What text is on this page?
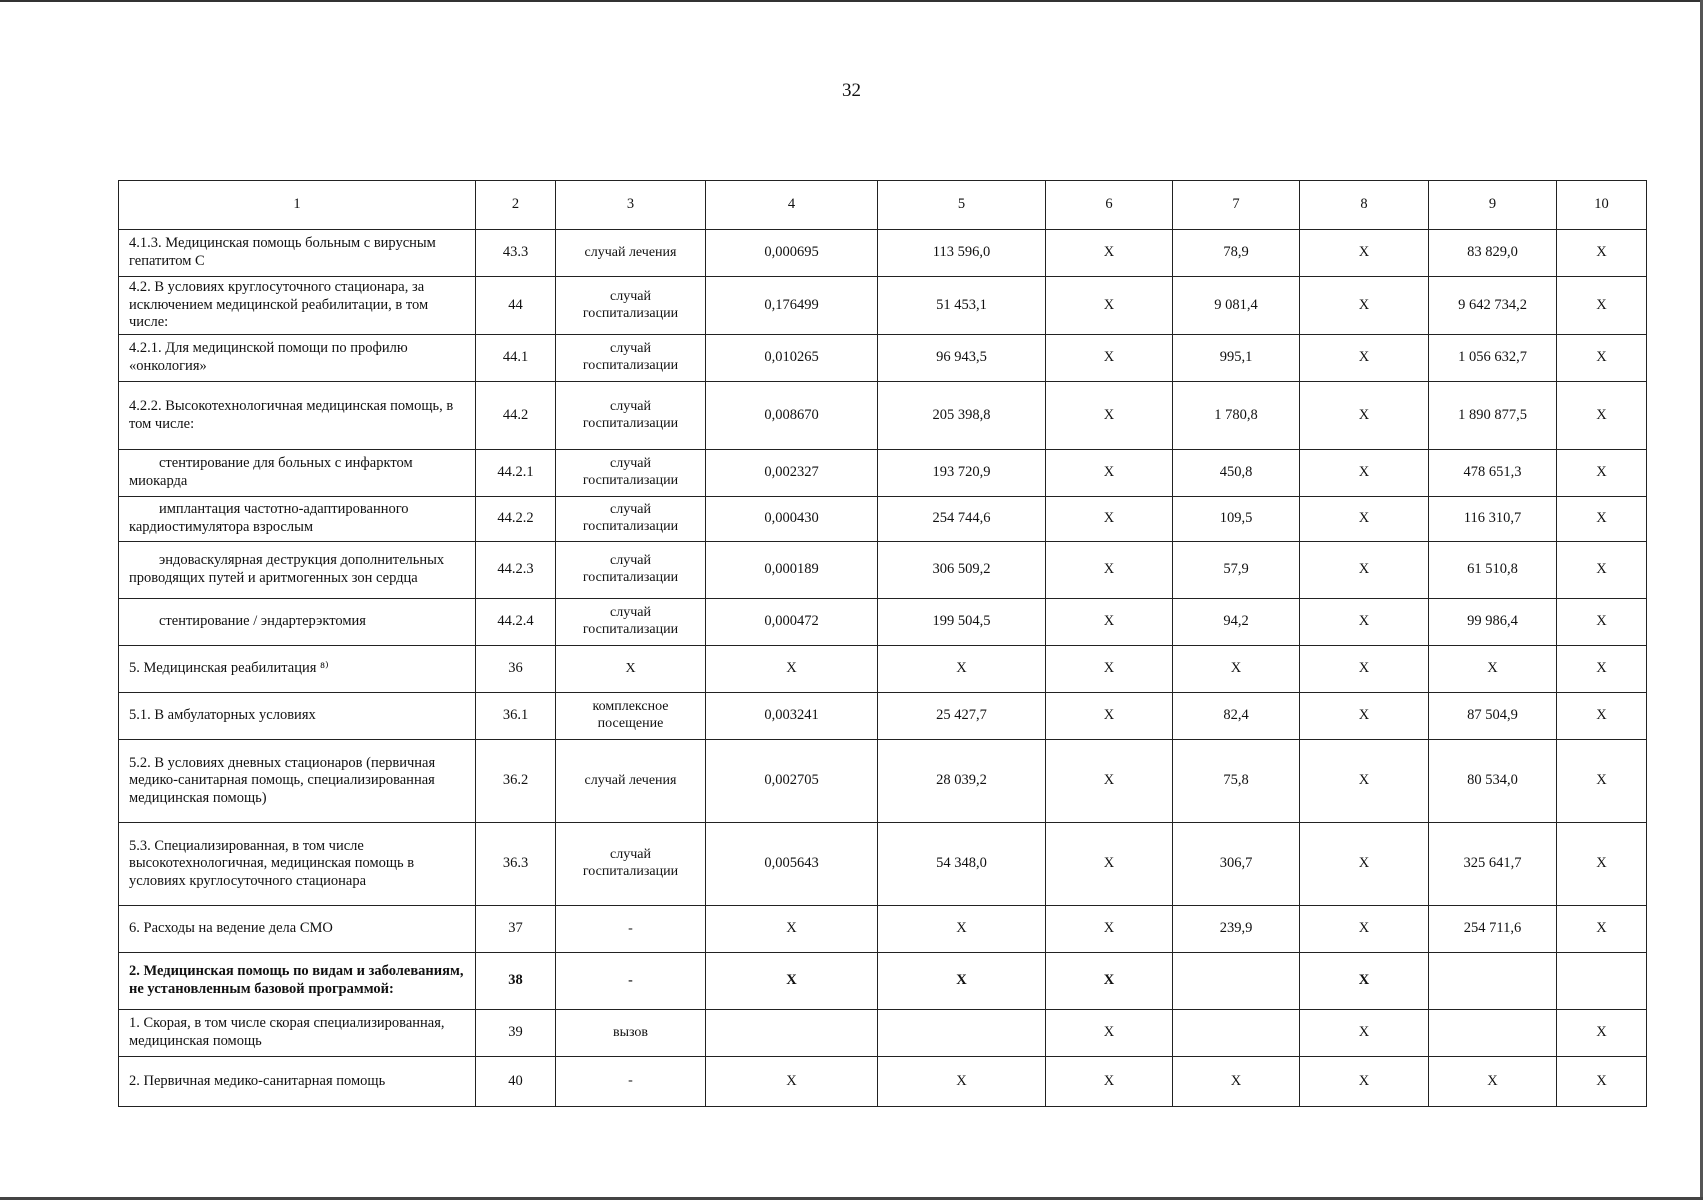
32
1	2	3	4	5	6	7	8	9	10
4.1.3. Медицинская помощь больным с вирусным гепатитом С	43.3	случай лечения	0,000695	113 596,0	X	78,9	X	83 829,0	X
4.2. В условиях круглосуточного стационара, за исключением медицинской реабилитации, в том числе:	44	случай госпитализации	0,176499	51 453,1	X	9 081,4	X	9 642 734,2	X
4.2.1. Для медицинской помощи по профилю «онкология»	44.1	случай госпитализации	0,010265	96 943,5	X	995,1	X	1 056 632,7	X
4.2.2. Высокотехнологичная медицинская помощь, в том числе:	44.2	случай госпитализации	0,008670	205 398,8	X	1 780,8	X	1 890 877,5	X
стентирование для больных с инфарктом миокарда	44.2.1	случай госпитализации	0,002327	193 720,9	X	450,8	X	478 651,3	X
имплантация частотно-адаптированного кардиостимулятора взрослым	44.2.2	случай госпитализации	0,000430	254 744,6	X	109,5	X	116 310,7	X
эндоваскулярная деструкция дополнительных проводящих путей и аритмогенных зон сердца	44.2.3	случай госпитализации	0,000189	306 509,2	X	57,9	X	61 510,8	X
стентирование / эндартерэктомия	44.2.4	случай госпитализации	0,000472	199 504,5	X	94,2	X	99 986,4	X
5. Медицинская реабилитация ⁸⁾	36	X	X	X	X	X	X	X	X
5.1. В амбулаторных условиях	36.1	комплексное посещение	0,003241	25 427,7	X	82,4	X	87 504,9	X
5.2. В условиях дневных стационаров (первичная медико-санитарная помощь, специализированная медицинская помощь)	36.2	случай лечения	0,002705	28 039,2	X	75,8	X	80 534,0	X
5.3. Специализированная, в том числе высокотехнологичная, медицинская помощь в условиях круглосуточного стационара	36.3	случай госпитализации	0,005643	54 348,0	X	306,7	X	325 641,7	X
6. Расходы на ведение дела СМО	37	-	X	X	X	239,9	X	254 711,6	X
2. Медицинская помощь по видам и заболеваниям, не установленным базовой программой:	38	-	X	X	X		X		
1. Скорая, в том числе скорая специализированная, медицинская помощь	39	вызов			X		X		X
2. Первичная медико-санитарная помощь	40	-	X	X	X	X	X	X	X
